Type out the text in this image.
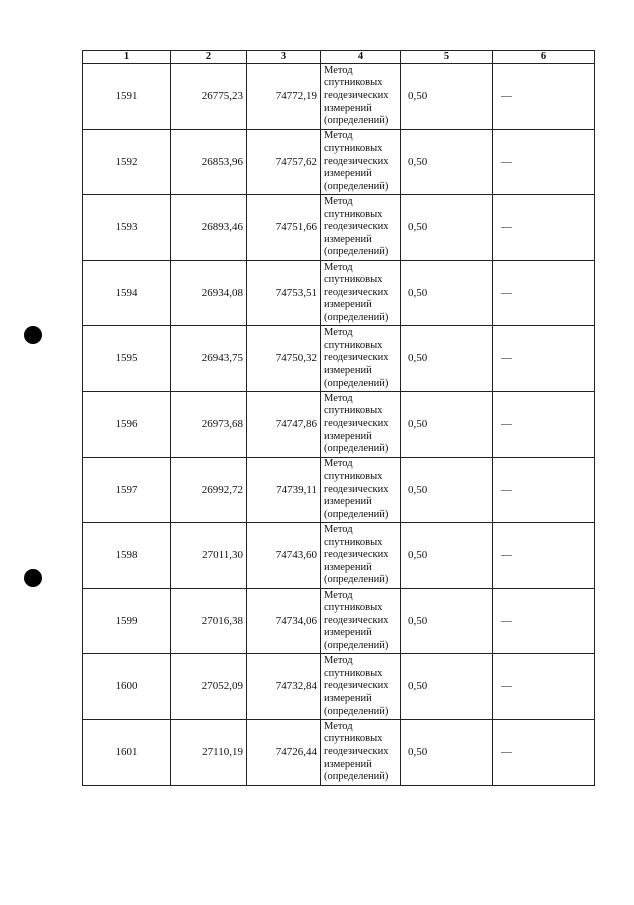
1	2	3	4	5	6
1591	26775,23	74772,19	Метод
спутниковых
геодезических
измерений
(определений)	0,50	—
1592	26853,96	74757,62	Метод
спутниковых
геодезических
измерений
(определений)	0,50	—
1593	26893,46	74751,66	Метод
спутниковых
геодезических
измерений
(определений)	0,50	—
1594	26934,08	74753,51	Метод
спутниковых
геодезических
измерений
(определений)	0,50	—
1595	26943,75	74750,32	Метод
спутниковых
геодезических
измерений
(определений)	0,50	—
1596	26973,68	74747,86	Метод
спутниковых
геодезических
измерений
(определений)	0,50	—
1597	26992,72	74739,11	Метод
спутниковых
геодезических
измерений
(определений)	0,50	—
1598	27011,30	74743,60	Метод
спутниковых
геодезических
измерений
(определений)	0,50	—
1599	27016,38	74734,06	Метод
спутниковых
геодезических
измерений
(определений)	0,50	—
1600	27052,09	74732,84	Метод
спутниковых
геодезических
измерений
(определений)	0,50	—
1601	27110,19	74726,44	Метод
спутниковых
геодезических
измерений
(определений)	0,50	—
